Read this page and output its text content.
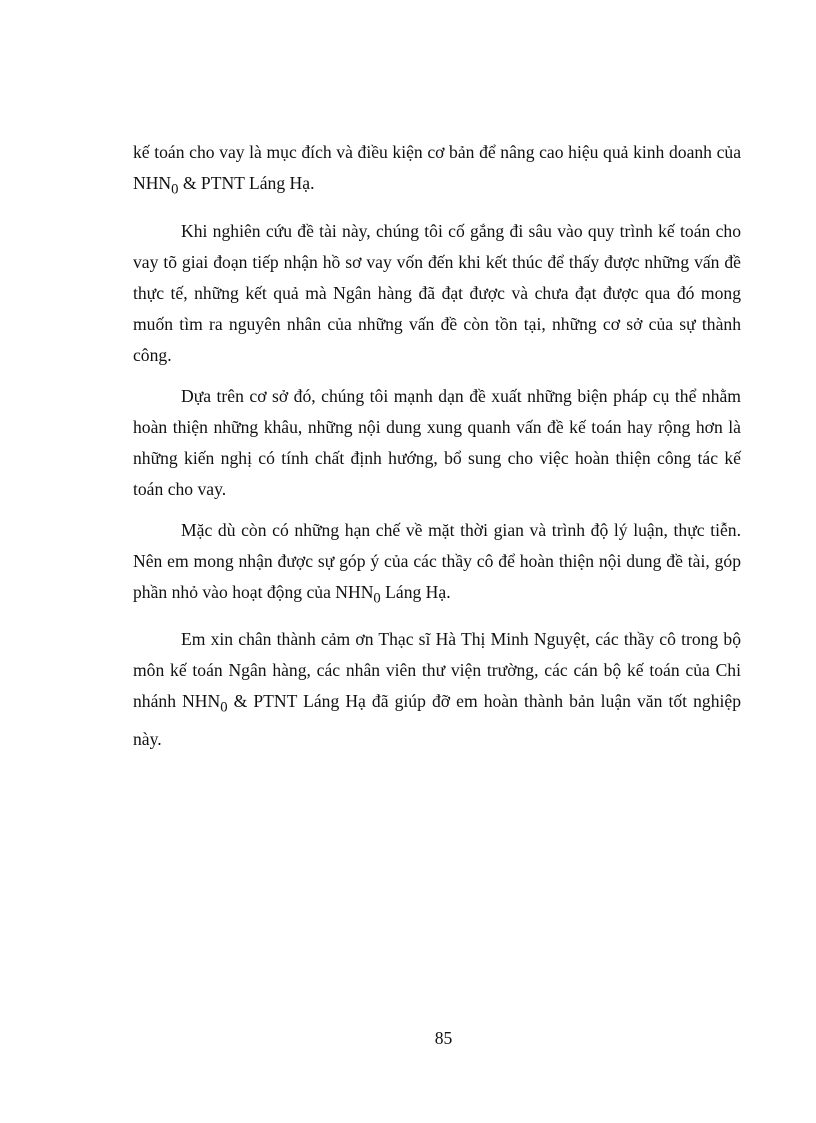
kế toán cho vay là mục đích và điều kiện cơ bản để nâng cao hiệu quả kinh doanh của $NHN_0$ & PTNT Láng Hạ.

Khi nghiên cứu đề tài này, chúng tôi cố gắng đi sâu vào quy trình kế toán cho vay tõ giai đoạn tiếp nhận hồ sơ vay vốn đến khi kết thúc để thấy được những vấn đề thực tế, những kết quả mà Ngân hàng đã đạt được và chưa đạt được qua đó mong muốn tìm ra nguyên nhân của những vấn đề còn tồn tại, những cơ sở của sự thành công.

Dựa trên cơ sở đó, chúng tôi mạnh dạn đề xuất những biện pháp cụ thể nhằm hoàn thiện những khâu, những nội dung xung quanh vấn đề kế toán hay rộng hơn là những kiến nghị có tính chất định hướng, bổ sung cho việc hoàn thiện công tác kế toán cho vay.

Mặc dù còn có những hạn chế về mặt thời gian và trình độ lý luận, thực tiễn. Nên em mong nhận được sự góp ý của các thầy cô để hoàn thiện nội dung đề tài, góp phần nhỏ vào hoạt động của $NHN_0$ Láng Hạ.

Em xin chân thành cảm ơn Thạc sĩ Hà Thị Minh Nguyệt, các thầy cô trong bộ môn kế toán Ngân hàng, các nhân viên thư viện trường, các cán bộ kế toán của Chi nhánh $NHN_0$ & PTNT Láng Hạ đã giúp đỡ em hoàn thành bản luận văn tốt nghiệp này.

85
